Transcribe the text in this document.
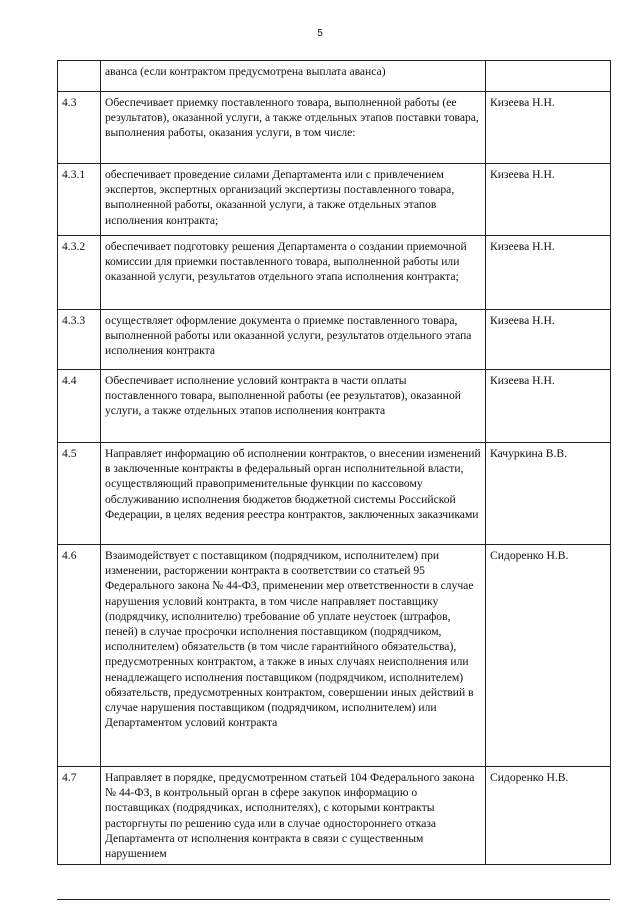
5
	аванса (если контрактом предусмотрена выплата аванса)	
4.3	Обеспечивает приемку поставленного товара, выполненной работы (ее результатов), оказанной услуги, а также отдельных этапов поставки товара, выполнения работы, оказания услуги, в том числе:	Кизеева Н.Н.
4.3.1	обеспечивает проведение силами Департамента или с привлечением экспертов, экспертных организаций экспертизы поставленного товара, выполненной работы, оказанной услуги, а также отдельных этапов исполнения контракта;	Кизеева Н.Н.
4.3.2	обеспечивает подготовку решения Департамента о создании приемочной комиссии для приемки поставленного товара, выполненной работы или оказанной услуги, результатов отдельного этапа исполнения контракта;	Кизеева Н.Н.
4.3.3	осуществляет оформление документа о приемке поставленного товара, выполненной работы или оказанной услуги, результатов отдельного этапа исполнения контракта	Кизеева Н.Н.
4.4	Обеспечивает исполнение условий контракта в части оплаты поставленного товара, выполненной работы (ее результатов), оказанной услуги, а также отдельных этапов исполнения контракта	Кизеева Н.Н.
4.5	Направляет информацию об исполнении контрактов, о внесении изменений в заключенные контракты в федеральный орган исполнительной власти, осуществляющий правоприменительные функции по кассовому обслуживанию исполнения бюджетов бюджетной системы Российской Федерации, в целях ведения реестра контрактов, заключенных заказчиками	Качуркина В.В.
4.6	Взаимодействует с поставщиком (подрядчиком, исполнителем) при изменении, расторжении контракта в соответствии со статьей 95 Федерального закона № 44-ФЗ, применении мер ответственности в случае нарушения условий контракта, в том числе направляет поставщику (подрядчику, исполнителю) требование об уплате неустоек (штрафов, пеней) в случае просрочки исполнения поставщиком (подрядчиком, исполнителем) обязательств (в том числе гарантийного обязательства), предусмотренных контрактом, а также в иных случаях неисполнения или ненадлежащего исполнения поставщиком (подрядчиком, исполнителем) обязательств, предусмотренных контрактом, совершении иных действий в случае нарушения поставщиком (подрядчиком, исполнителем) или Департаментом условий контракта	Сидоренко Н.В.
4.7	Направляет в порядке, предусмотренном статьей 104 Федерального закона № 44-ФЗ, в контрольный орган в сфере закупок информацию о поставщиках (подрядчиках, исполнителях), с которыми контракты расторгнуты по решению суда или в случае одностороннего отказа Департамента от исполнения контракта в связи с существенным нарушением	Сидоренко Н.В.
